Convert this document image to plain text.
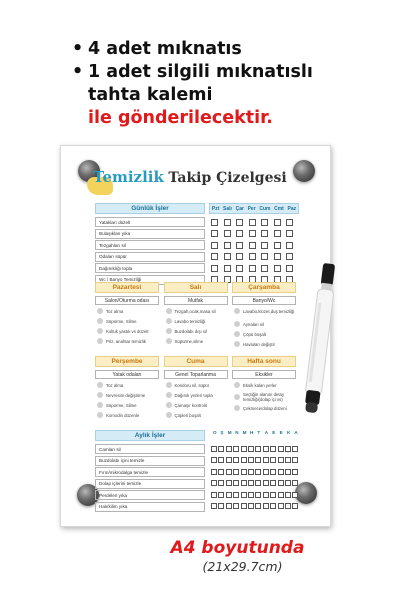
• 4 adet mıknatıs
• 1 adet silgili mıknatıslı
tahta kalemi
ile gönderilecektir.
Temizlik Takip Çizelgesi
Günlük İşler	Pzt Salı Çar Per Cum Cmt Paz
Yatakları düzelt
Bulaşıkları yıka
Tezgahları sil
Odaları süpür
Dağınıklığı topla
Wc / Banyo Temizliği
Pazartesi
Salon/Oturma odası
Toz alma
Süpürme, Silme
Koltuk yastık vs düzelt
Priz, anahtar temizlik
Salı
Mutfak
Tezgah,ocak,masa sil
Lavabo temizliği
Buzdolabı dışı sil
Süpürme,silme
Çarşamba
Banyo/Wc
Lavabo,klozet,duş temizliği
Aynaları sil
Çöpü boşalt
Havluları değiştir
Perşembe
Yatak odaları
Toz alma
Nevresim değiştirme
Süpürme, Silme
Komodin düzenle
Cuma
Genel Toparlanma
Koridoru sil, süpür
Dağınık yerleri topla
Çamaşır kontrolü
Çöpleri boşalt
Hafta sonu
Eksikler
Eksik kalan yerler
Seçtiğin alanını detay temizliği(dolap içi vs)
Çekmece/dolap düzeni
Aylık İşler	O Ş M N M H T A E E K A
Camları sil
Buzdolabı içini temizle
Fırın/mikrodalga temizle
Dolap içlerini temizle
Perdeleri yıka
Halı/kilim yıka
A4 boyutunda
(21x29.7cm)
